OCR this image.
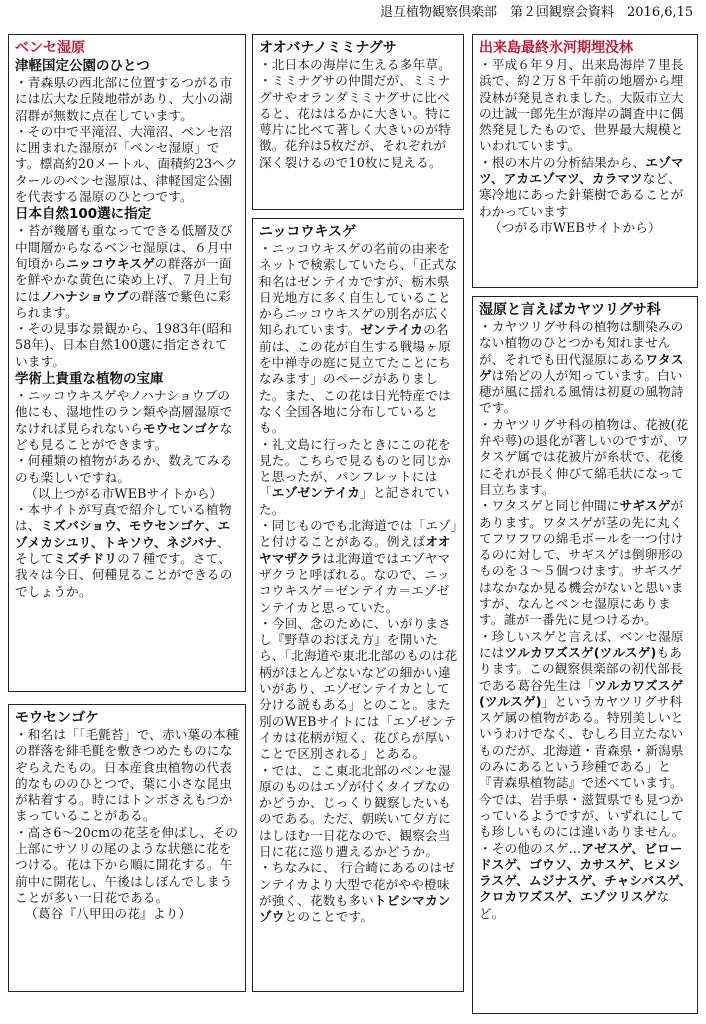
退互植物観察倶楽部　第２回観察会資料　2016,6,15
ベンセ湿原
津軽国定公園のひとつ

・青森県の西北部に位置するつがる市には広大な丘陵地帯があり、大小の湖沼群が無数に点在しています。

・その中で平滝沼、大滝沼、ベンセ沼に囲まれた湿原が「ベンセ湿原」です。標高約20メートル、面積約23ヘクタールのベンセ湿原は、津軽国定公園を代表する湿原のひとつです。

日本自然100選に指定

・苔が幾層も重なってできる低層及び中間層からなるベンセ湿原は、６月中旬頃からニッコウキスゲの群落が一面を鮮やかな黄色に染め上げ、７月上旬にはノハナショウブの群落で紫色に彩られます。

・その見事な景観から、1983年(昭和58年)、日本自然100選に指定されています。

学術上貴重な植物の宝庫

・ニッコウキスゲやノハナショウブの他にも、湿地性のラン類や高層湿原でなければ見られないらモウセンゴケなども見ることができます。

・何種類の植物があるか、数えてみるのも楽しいですね。

（以上つがる市WEBサイトから）

・本サイトが写真で紹介している植物は、ミズバショウ、モウセンゴケ、エゾメカシユリ、トキソウ、ネジバナ、そしてミズチドリの７種です。さて、我々は今日、何種見ることができるのでしょうか。

モウセンゴケ

・和名は「「毛氈苔」で、赤い葉の本種の群落を緋毛氈を敷きつめたものになぞらえたもの。日本産食虫植物の代表的なもののひとつで、葉に小さな昆虫が粘着する。時にはトンボさえもつかまっていることがある。

・高さ6～20cmの花茎を伸ばし、その上部にサソリの尾のような状態に花をつける。花は下から順に開花する。午前中に開花し、午後はしぼんでしまうことが多い一日花である。

（葛谷『八甲田の花』より）

オオバナノミミナグサ

・北日本の海岸に生える多年草。

・ミミナグサの仲間だが、ミミナグサやオランダミミナグサに比べると、花ははるかに大きい。特に萼片に比べて著しく大きいのが特徴。花弁は5枚だが、それぞれが深く裂けるので10枚に見える。

ニッコウキスゲ

・ニッコウキスゲの名前の由来をネットで検索していたら、「正式な和名はゼンテイカですが、栃木県日光地方に多く自生していることからニッコウキスゲの別名が広く知られています。ゼンテイカの名前は、この花が自生する戦場ヶ原を中禅寺の庭に見立てたことにちなみます」のページがありました。また、この花は日光特産ではなく全国各地に分布しているとも。

・礼文島に行ったときにこの花を見た。こちらで見るものと同じかと思ったが、パンフレットには「エゾゼンテイカ」と記されていた。

・同じものでも北海道では「エゾ」と付けることがある。例えばオオヤマザクラは北海道ではエゾヤマザクラと呼ばれる。なので、ニッコウキスゲ＝ゼンテイカ＝エゾゼンテイカと思っていた。

・今回、念のために、いがりまさし『野草のおぼえ方』を開いたら、「北海道や東北北部のものは花柄がほとんどないなどの細かい違いがあり、エゾゼンテイカとして分ける説もある」とのこと。また別のWEBサイトには「エゾゼンテイカは花柄が短く、花びらが厚いことで区別される」とある。

・では、ここ東北北部のベンセ湿原のものはエゾが付くタイプなのかどうか、じっくり観察したいものである。ただ、朝咲いて夕方にはしほむ一日花なので、観察会当日に花に巡り遭えるかどうか。

・ちなみに、 行合崎にあるのはゼンテイカより大型で花がやや橙味が強く、花数も多いトビシマカンゾウとのことです。

出来島最終氷河期埋没林

・平成６年９月、出来島海岸７里長浜で、約２万８千年前の地層から埋没林が発見されました。大阪市立大の辻誠一郎先生が海岸の調査中に偶然発見したもので、世界最大規模といわれています。

・根の木片の分析結果から、エゾマツ、アカエゾマツ、カラマツなど、寒冷地にあった針葉樹であることがわかっています

（つがる市WEBサイトから）

湿原と言えばカヤツリグサ科

・カヤツリグサ科の植物は馴染みのない植物のひとつかも知れませんが、それでも田代湿原にあるワタスゲは殆どの人が知っています。白い穂が風に揺れる風情は初夏の風物詩です。

・カヤツリグサ科の植物は、花被(花弁や萼)の退化が著しいのですが、ワタスゲ属では花被片が糸状で、花後にそれが長く伸びて綿毛状になって目立ちます。

・ワタスゲと同じ仲間にサギスゲがあります。ワタスゲが茎の先に丸くてフワフワの綿毛ボールを一つ付けるのに対して、サギスゲは倒卵形のものを３～５個つけます。サギスゲはなかなか見る機会がないと思いますが、なんとベンセ湿原にあります。誰が一番先に見つけるか。

・珍しいスゲと言えば、ベンセ湿原にはツルカワズスゲ(ツルスゲ)もあります。この観察倶楽部の初代部長である葛谷先生は「ツルカワズスゲ(ツルスゲ)」というカヤツリグサ科スゲ属の植物がある。特別美しいというわけでなく、むしろ目立たないものだが、北海道・青森県・新潟県のみにあるという珍種である」と『青森県植物誌』で述べています。今では、岩手県・滋賀県でも見つかっているようですが、いずれにしても珍しいものには違いありません。

・その他のスゲ…アゼスゲ、ビロードスゲ、ゴウソ、カサスゲ、ヒメシラスゲ、ムジナスゲ、チャシバスゲ、クロカワズスゲ、エゾツリスゲなど。
